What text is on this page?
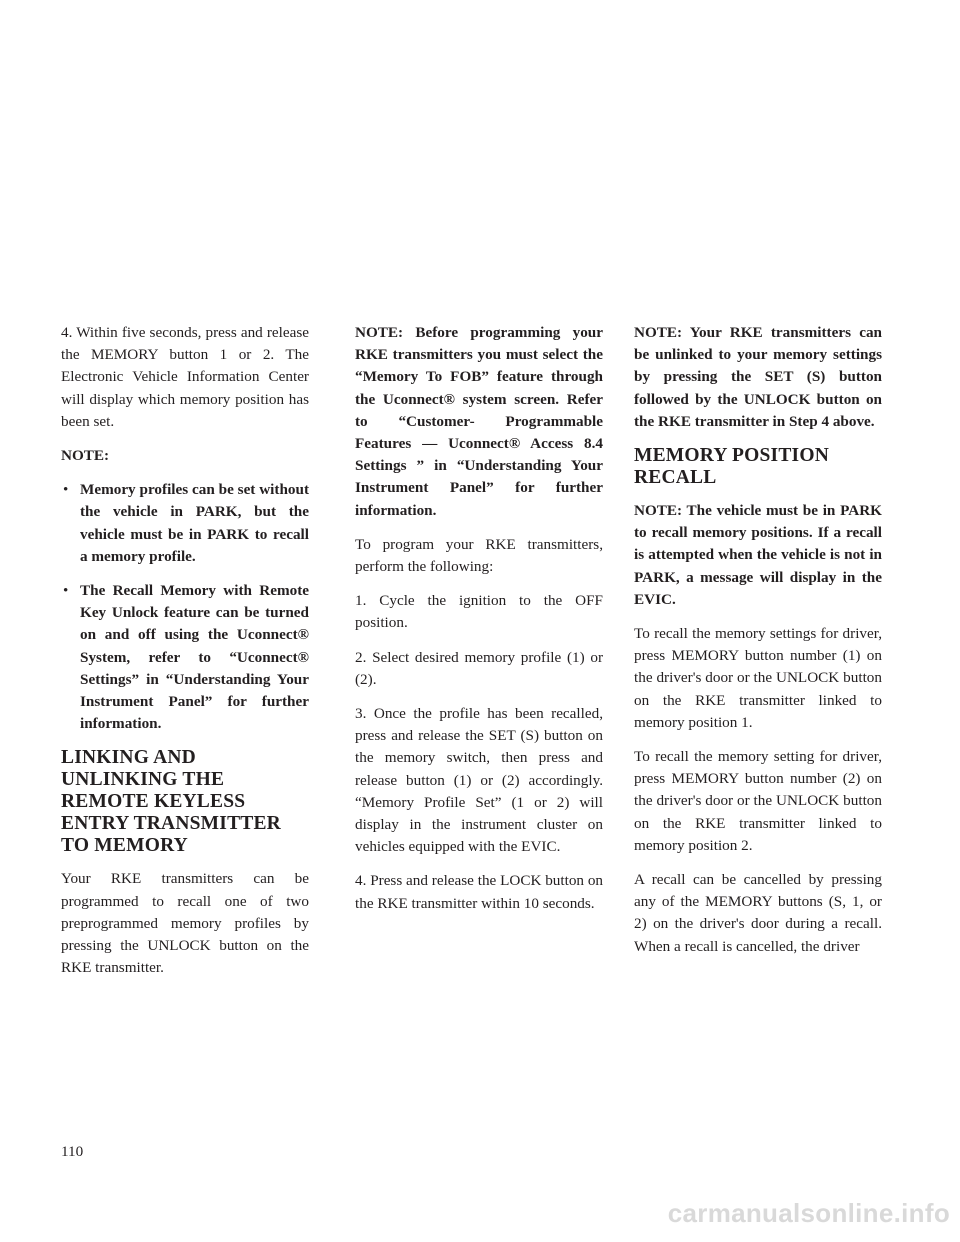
4. Within five seconds, press and release the MEMORY button 1 or 2. The Electronic Vehicle Information Center will display which memory position has been set.

NOTE:
• Memory profiles can be set without the vehicle in PARK, but the vehicle must be in PARK to recall a memory profile.
• The Recall Memory with Remote Key Unlock feature can be turned on and off using the Uconnect® System, refer to “Uconnect® Settings” in “Understanding Your Instrument Panel” for further information.
LINKING AND UNLINKING THE REMOTE KEYLESS ENTRY TRANSMITTER TO MEMORY

Your RKE transmitters can be programmed to recall one of two preprogrammed memory profiles by pressing the UNLOCK button on the RKE transmitter.

NOTE: Before programming your RKE transmitters you must select the “Memory To FOB” feature through the Uconnect® system screen. Refer to “Customer- Programmable Features — Uconnect® Access 8.4 Settings ” in “Understanding Your Instrument Panel” for further information.

To program your RKE transmitters, perform the following:

1. Cycle the ignition to the OFF position.

2. Select desired memory profile (1) or (2).

3. Once the profile has been recalled, press and release the SET (S) button on the memory switch, then press and release button (1) or (2) accordingly. “Memory Profile Set” (1 or 2) will display in the instrument cluster on vehicles equipped with the EVIC.

4. Press and release the LOCK button on the RKE transmitter within 10 seconds.

NOTE: Your RKE transmitters can be unlinked to your memory settings by pressing the SET (S) button followed by the UNLOCK button on the RKE transmitter in Step 4 above.

MEMORY POSITION RECALL

NOTE: The vehicle must be in PARK to recall memory positions. If a recall is attempted when the vehicle is not in PARK, a message will display in the EVIC.

To recall the memory settings for driver, press MEMORY button number (1) on the driver's door or the UNLOCK button on the RKE transmitter linked to memory position 1.

To recall the memory setting for driver, press MEMORY button number (2) on the driver's door or the UNLOCK button on the RKE transmitter linked to memory position 2.

A recall can be cancelled by pressing any of the MEMORY buttons (S, 1, or 2) on the driver's door during a recall. When a recall is cancelled, the driver

110
carmanualsonline.info
